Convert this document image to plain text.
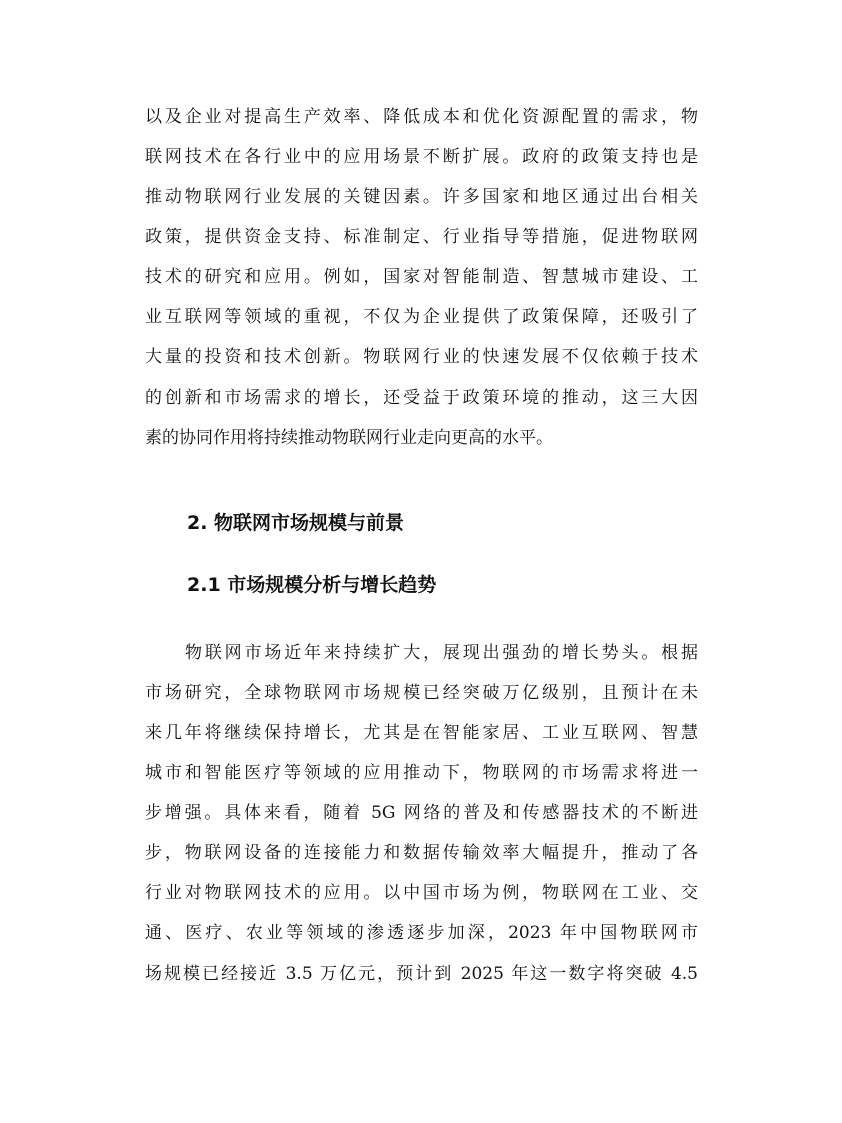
以及企业对提高生产效率、降低成本和优化资源配置的需求，物
联网技术在各行业中的应用场景不断扩展。政府的政策支持也是
推动物联网行业发展的关键因素。许多国家和地区通过出台相关
政策，提供资金支持、标准制定、行业指导等措施，促进物联网
技术的研究和应用。例如，国家对智能制造、智慧城市建设、工
业互联网等领域的重视，不仅为企业提供了政策保障，还吸引了
大量的投资和技术创新。物联网行业的快速发展不仅依赖于技术
的创新和市场需求的增长，还受益于政策环境的推动，这三大因
素的协同作用将持续推动物联网行业走向更高的水平。
2. 物联网市场规模与前景
2.1 市场规模分析与增长趋势
物联网市场近年来持续扩大，展现出强劲的增长势头。根据
市场研究，全球物联网市场规模已经突破万亿级别，且预计在未
来几年将继续保持增长，尤其是在智能家居、工业互联网、智慧
城市和智能医疗等领域的应用推动下，物联网的市场需求将进一
步增强。具体来看，随着 5G 网络的普及和传感器技术的不断进
步，物联网设备的连接能力和数据传输效率大幅提升，推动了各
行业对物联网技术的应用。以中国市场为例，物联网在工业、交
通、医疗、农业等领域的渗透逐步加深，2023 年中国物联网市
场规模已经接近 3.5 万亿元，预计到 2025 年这一数字将突破 4.5
